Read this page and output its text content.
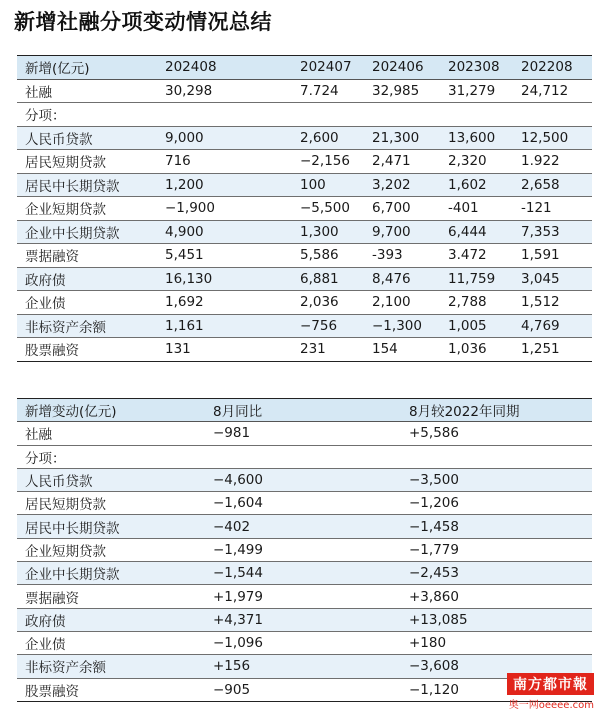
新增社融分项变动情况总结
新增(亿元)	202408	202407	202406	202308	202208
社融	30,298	7.724	32,985	31,279	24,712
分项：					
人民币贷款	9,000	2,600	21,300	13,600	12,500
居民短期贷款	716	−2,156	2,471	2,320	1.922
居民中长期贷款	1,200	100	3,202	1,602	2,658
企业短期贷款	−1,900	−5,500	6,700	-401	-121
企业中长期贷款	4,900	1,300	9,700	6,444	7,353
票据融资	5,451	5,586	-393	3.472	1,591
政府债	16,130	6,881	8,476	11,759	3,045
企业债	1,692	2,036	2,100	2,788	1,512
非标资产余额	1,161	−756	−1,300	1,005	4,769
股票融资	131	231	154	1,036	1,251
新增变动(亿元)	8月同比	8月较2022年同期
社融	−981	+5,586
分项：		
人民币贷款	−4,600	−3,500
居民短期贷款	−1,604	−1,206
居民中长期贷款	−402	−1,458
企业短期贷款	−1,499	−1,779
企业中长期贷款	−1,544	−2,453
票据融资	+1,979	+3,860
政府债	+4,371	+13,085
企业债	−1,096	+180
非标资产余额	+156	−3,608
股票融资	−905	−1,120	南方都市報
奥一网oeeee.com
